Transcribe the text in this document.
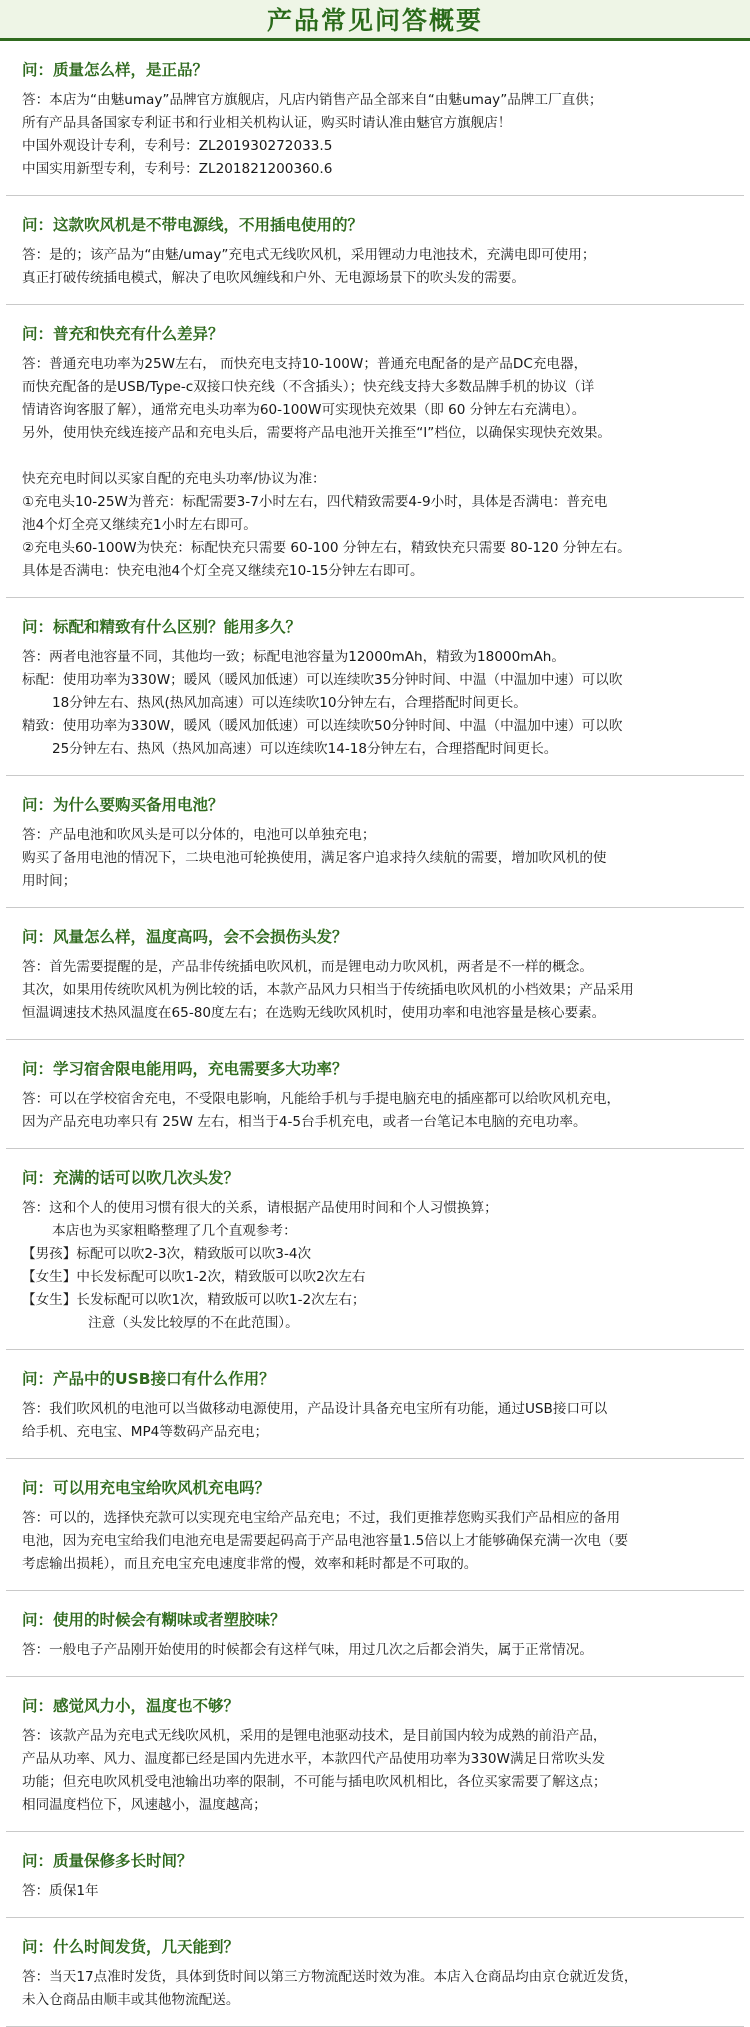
产品常见问答概要

问：质量怎么样，是正品？

答：本店为“由魅umay”品牌官方旗舰店，凡店内销售产品全部来自“由魅umay”品牌工厂直供；
所有产品具备国家专利证书和行业相关机构认证，购买时请认准由魅官方旗舰店！
中国外观设计专利，专利号：ZL201930272033.5
中国实用新型专利，专利号：ZL201821200360.6

问：这款吹风机是不带电源线，不用插电使用的？

答：是的；该产品为“由魅/umay”充电式无线吹风机，采用锂动力电池技术，充满电即可使用；
真正打破传统插电模式，解决了电吹风缠线和户外、无电源场景下的吹头发的需要。

问：普充和快充有什么差异？

答：普通充电功率为25W左右， 而快充电支持10-100W；普通充电配备的是产品DC充电器，
而快充配备的是USB/Type-c双接口快充线（不含插头）；快充线支持大多数品牌手机的协议（详
情请咨询客服了解），通常充电头功率为60-100W可实现快充效果（即 60 分钟左右充满电）。
另外，使用快充线连接产品和充电头后，需要将产品电池开关推至“Ⅰ”档位，以确保实现快充效果。

快充充电时间以买家自配的充电头功率/协议为准：
①充电头10-25W为普充：标配需要3-7小时左右，四代精致需要4-9小时，具体是否满电：普充电
池4个灯全亮又继续充1小时左右即可。
②充电头60-100W为快充：标配快充只需要 60-100 分钟左右，精致快充只需要 80-120 分钟左右。
具体是否满电：快充电池4个灯全亮又继续充10-15分钟左右即可。

问：标配和精致有什么区别？能用多久？

答：两者电池容量不同，其他均一致；标配电池容量为12000mAh，精致为18000mAh。
标配：使用功率为330W；暖风（暖风加低速）可以连续吹35分钟时间、中温（中温加中速）可以吹
18分钟左右、热风(热风加高速）可以连续吹10分钟左右，合理搭配时间更长。
精致：使用功率为330W，暖风（暖风加低速）可以连续吹50分钟时间、中温（中温加中速）可以吹
25分钟左右、热风（热风加高速）可以连续吹14-18分钟左右，合理搭配时间更长。

问：为什么要购买备用电池？

答：产品电池和吹风头是可以分体的，电池可以单独充电；
购买了备用电池的情况下，二块电池可轮换使用，满足客户追求持久续航的需要，增加吹风机的使
用时间；

问：风量怎么样，温度高吗，会不会损伤头发？

答：首先需要提醒的是，产品非传统插电吹风机，而是锂电动力吹风机，两者是不一样的概念。
其次，如果用传统吹风机为例比较的话，本款产品风力只相当于传统插电吹风机的小档效果；产品采用
恒温调速技术热风温度在65-80度左右；在选购无线吹风机时，使用功率和电池容量是核心要素。

问：学习宿舍限电能用吗，充电需要多大功率？

答：可以在学校宿舍充电，不受限电影响，凡能给手机与手提电脑充电的插座都可以给吹风机充电，
因为产品充电功率只有 25W 左右，相当于4-5台手机充电，或者一台笔记本电脑的充电功率。

问：充满的话可以吹几次头发？

答：这和个人的使用习惯有很大的关系，请根据产品使用时间和个人习惯换算；
本店也为买家粗略整理了几个直观参考：
【男孩】标配可以吹2-3次，精致版可以吹3-4次
【女生】中长发标配可以吹1-2次，精致版可以吹2次左右
【女生】长发标配可以吹1次，精致版可以吹1-2次左右；
注意（头发比较厚的不在此范围）。

问：产品中的USB接口有什么作用？

答：我们吹风机的电池可以当做移动电源使用，产品设计具备充电宝所有功能，通过USB接口可以
给手机、充电宝、MP4等数码产品充电；

问：可以用充电宝给吹风机充电吗？

答：可以的，选择快充款可以实现充电宝给产品充电；不过，我们更推荐您购买我们产品相应的备用
电池，因为充电宝给我们电池充电是需要起码高于产品电池容量1.5倍以上才能够确保充满一次电（要
考虑输出损耗），而且充电宝充电速度非常的慢，效率和耗时都是不可取的。

问：使用的时候会有糊味或者塑胶味？

答：一般电子产品刚开始使用的时候都会有这样气味，用过几次之后都会消失，属于正常情况。

问：感觉风力小，温度也不够？

答：该款产品为充电式无线吹风机，采用的是锂电池驱动技术，是目前国内较为成熟的前沿产品，
产品从功率、风力、温度都已经是国内先进水平，本款四代产品使用功率为330W满足日常吹头发
功能；但充电吹风机受电池输出功率的限制，不可能与插电吹风机相比，各位买家需要了解这点；
相同温度档位下，风速越小，温度越高；

问：质量保修多长时间？

答：质保1年

问：什么时间发货，几天能到？

答：当天17点准时发货，具体到货时间以第三方物流配送时效为准。本店入仓商品均由京仓就近发货，
未入仓商品由顺丰或其他物流配送。
